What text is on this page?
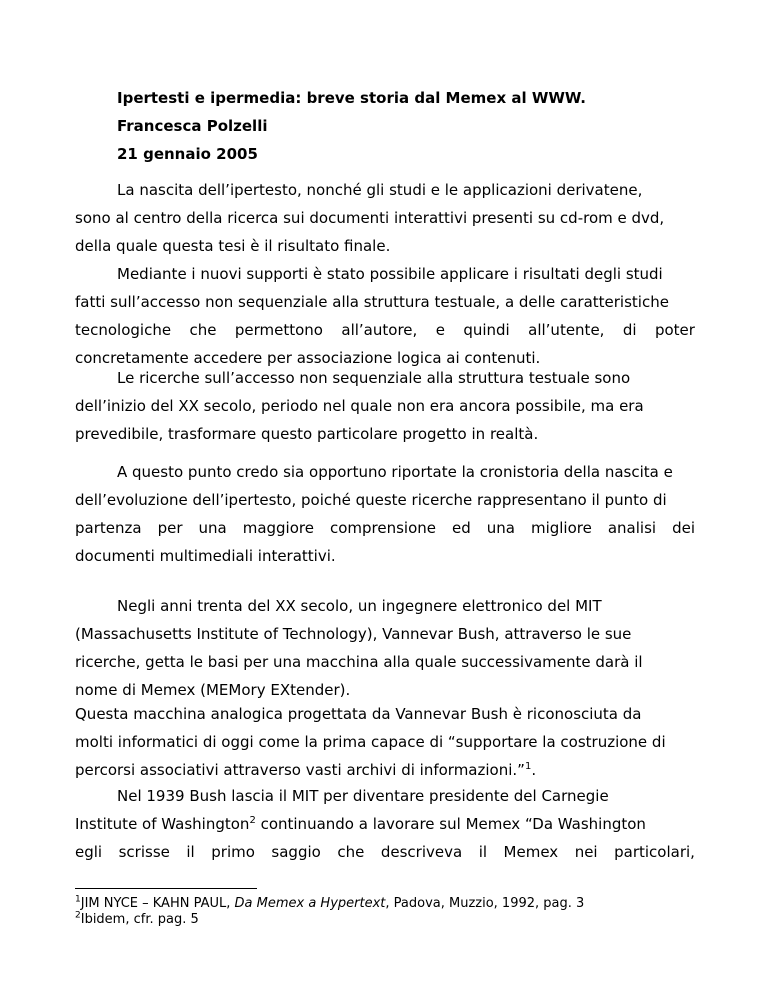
Ipertesti e ipermedia: breve storia dal Memex al WWW.
Francesca Polzelli
21 gennaio 2005
La nascita dell’ipertesto, nonché gli studi e le applicazioni derivatene,
sono al centro della ricerca sui documenti interattivi presenti su cd-rom e dvd,
della quale questa tesi è il risultato finale.
Mediante i nuovi supporti è stato possibile applicare i risultati degli studi
fatti sull’accesso non sequenziale alla struttura testuale, a delle caratteristiche
tecnologiche che permettono all’autore, e quindi all’utente, di poter
concretamente accedere per associazione logica ai contenuti.
Le ricerche sull’accesso non sequenziale alla struttura testuale sono
dell’inizio del XX secolo, periodo nel quale non era ancora possibile, ma era
prevedibile, trasformare questo particolare progetto in realtà.
A questo punto credo sia opportuno riportate la cronistoria della nascita e
dell’evoluzione dell’ipertesto, poiché queste ricerche rappresentano il punto di
partenza per una maggiore comprensione ed una migliore analisi dei
documenti multimediali interattivi.
Negli anni trenta del XX secolo, un ingegnere elettronico del MIT
(Massachusetts Institute of Technology), Vannevar Bush, attraverso le sue
ricerche, getta le basi per una macchina alla quale successivamente darà il
nome di Memex (MEMory EXtender).
Questa macchina analogica progettata da Vannevar Bush è riconosciuta da
molti informatici di oggi come la prima capace di “supportare la costruzione di
percorsi associativi attraverso vasti archivi di informazioni.”$^1$.
Nel 1939 Bush lascia il MIT per diventare presidente del Carnegie
Institute of Washington$^2$ continuando a lavorare sul Memex “Da Washington
egli scrisse il primo saggio che descriveva il Memex nei particolari,
$^1$JIM NYCE – KAHN PAUL, Da Memex a Hypertext, Padova, Muzzio, 1992, pag. 3
$^2$Ibidem, cfr. pag. 5
